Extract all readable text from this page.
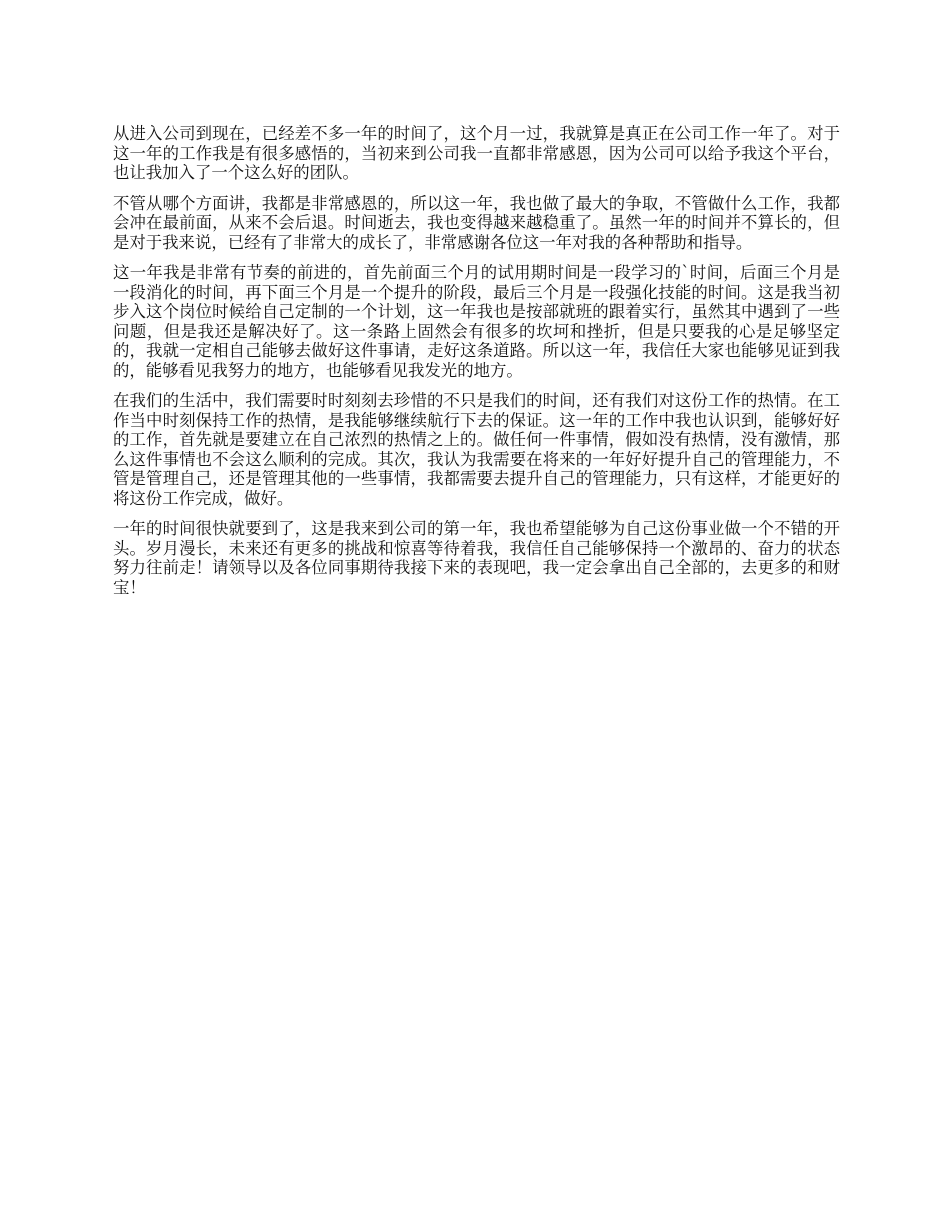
从进入公司到现在，已经差不多一年的时间了，这个月一过，我就算是真正在公司工作一年了。对于这一年的工作我是有很多感悟的，当初来到公司我一直都非常感恩，因为公司可以给予我这个平台，也让我加入了一个这么好的团队。

不管从哪个方面讲，我都是非常感恩的，所以这一年，我也做了最大的争取，不管做什么工作，我都会冲在最前面，从来不会后退。时间逝去，我也变得越来越稳重了。虽然一年的时间并不算长的，但是对于我来说，已经有了非常大的成长了，非常感谢各位这一年对我的各种帮助和指导。

这一年我是非常有节奏的前进的，首先前面三个月的试用期时间是一段学习的`时间，后面三个月是一段消化的时间，再下面三个月是一个提升的阶段，最后三个月是一段强化技能的时间。这是我当初步入这个岗位时候给自己定制的一个计划，这一年我也是按部就班的跟着实行，虽然其中遇到了一些问题，但是我还是解决好了。这一条路上固然会有很多的坎坷和挫折，但是只要我的心是足够坚定的，我就一定相自己能够去做好这件事请，走好这条道路。所以这一年，我信任大家也能够见证到我的，能够看见我努力的地方，也能够看见我发光的地方。

在我们的生活中，我们需要时时刻刻去珍惜的不只是我们的时间，还有我们对这份工作的热情。在工作当中时刻保持工作的热情，是我能够继续航行下去的保证。这一年的工作中我也认识到，能够好好的工作，首先就是要建立在自己浓烈的热情之上的。做任何一件事情，假如没有热情，没有激情，那么这件事情也不会这么顺利的完成。其次，我认为我需要在将来的一年好好提升自己的管理能力，不管是管理自己，还是管理其他的一些事情，我都需要去提升自己的管理能力，只有这样，才能更好的将这份工作完成，做好。

一年的时间很快就要到了，这是我来到公司的第一年，我也希望能够为自己这份事业做一个不错的开头。岁月漫长，未来还有更多的挑战和惊喜等待着我，我信任自己能够保持一个激昂的、奋力的状态努力往前走！请领导以及各位同事期待我接下来的表现吧，我一定会拿出自己全部的，去更多的和财宝！
